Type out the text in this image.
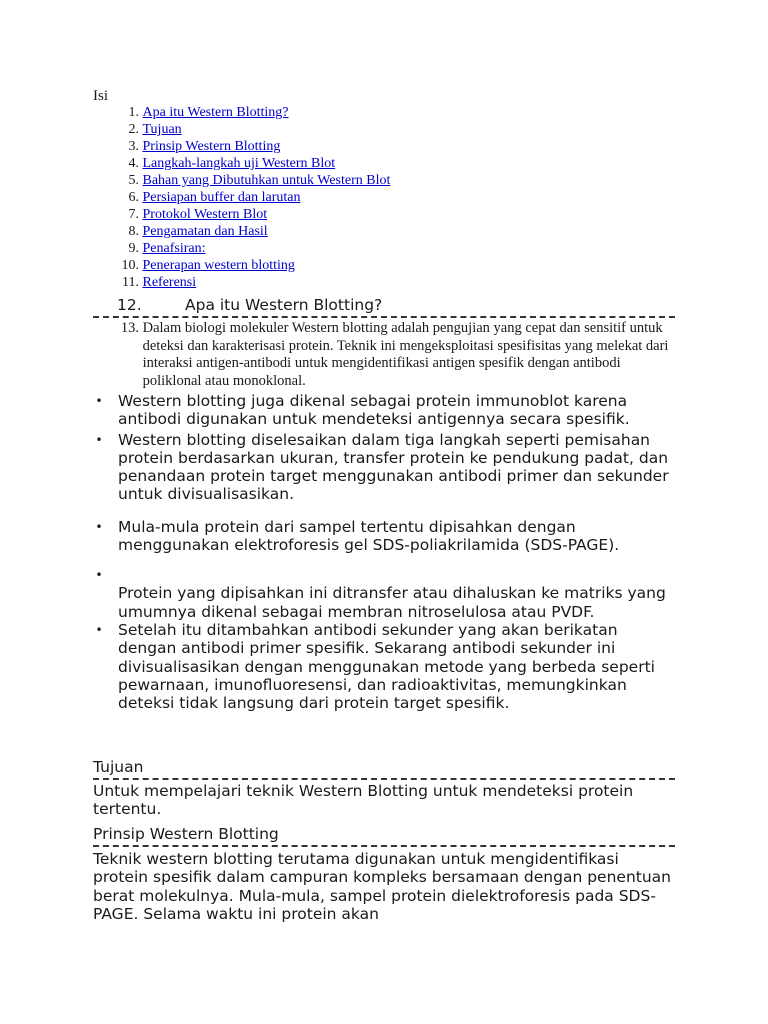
Isi
1.
Apa itu Western Blotting?
2.
Tujuan
3.
Prinsip Western Blotting
4.
Langkah-langkah uji Western Blot
5.
Bahan yang Dibutuhkan untuk Western Blot
6.
Persiapan buffer dan larutan
7.
Protokol Western Blot
8.
Pengamatan dan Hasil
9.
Penafsiran:
10.
Penerapan western blotting
11.
Referensi
12.	Apa itu Western Blotting?
13.
Dalam biologi molekuler Western blotting adalah pengujian yang cepat dan sensitif untuk deteksi dan karakterisasi protein. Teknik ini mengeksploitasi spesifisitas yang melekat dari interaksi antigen-antibodi untuk mengidentifikasi antigen spesifik dengan antibodi poliklonal atau monoklonal.
• Western blotting juga dikenal sebagai protein immunoblot karena antibodi digunakan untuk mendeteksi antigennya secara spesifik.
• Western blotting diselesaikan dalam tiga langkah seperti pemisahan protein berdasarkan ukuran, transfer protein ke pendukung padat, dan penandaan protein target menggunakan antibodi primer dan sekunder untuk divisualisasikan.
• Mula-mula protein dari sampel tertentu dipisahkan dengan menggunakan elektroforesis gel SDS-poliakrilamida (SDS-PAGE).
•
Protein yang dipisahkan ini ditransfer atau dihaluskan ke matriks yang umumnya dikenal sebagai membran nitroselulosa atau PVDF.
• Setelah itu ditambahkan antibodi sekunder yang akan berikatan dengan antibodi primer spesifik. Sekarang antibodi sekunder ini divisualisasikan dengan menggunakan metode yang berbeda seperti pewarnaan, imunofluoresensi, dan radioaktivitas, memungkinkan deteksi tidak langsung dari protein target spesifik.
Tujuan
Untuk mempelajari teknik Western Blotting untuk mendeteksi protein tertentu.
Prinsip Western Blotting
Teknik western blotting terutama digunakan untuk mengidentifikasi protein spesifik dalam campuran kompleks bersamaan dengan penentuan berat molekulnya. Mula-mula, sampel protein dielektroforesis pada SDS-PAGE. Selama waktu ini protein akan
